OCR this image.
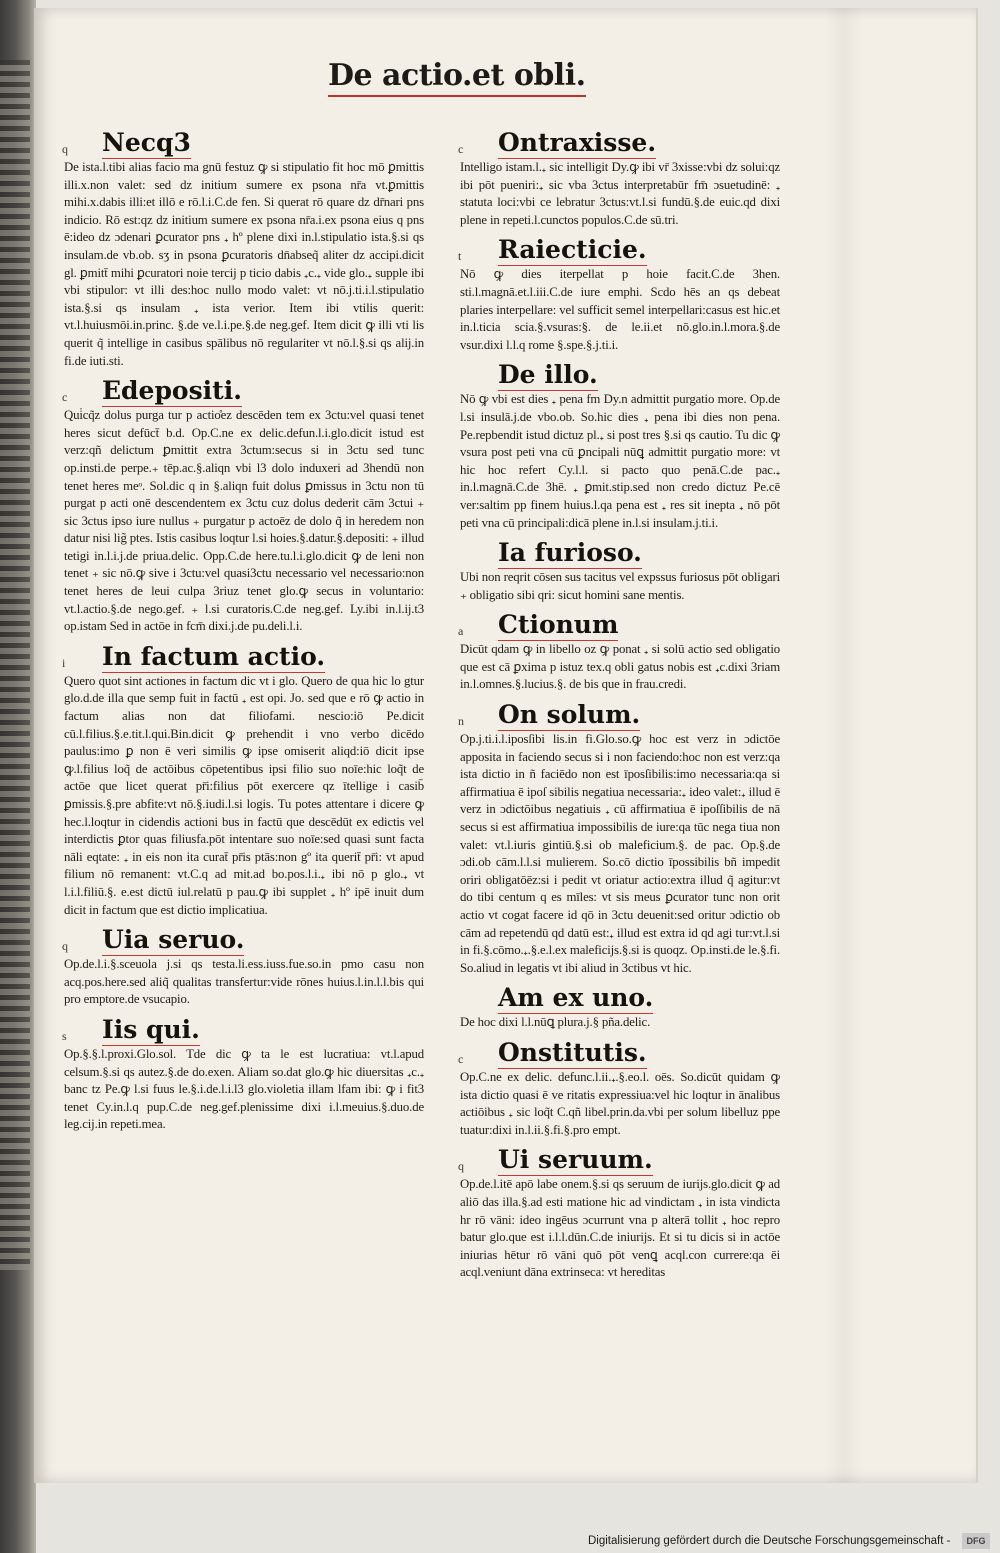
De actio.et obli.
q Necq3
De ista.l.tibi alias facio ma gnū festuz ꝙ si stipulatio fit hoc mō ꝑmittis illi.x.non valet: sed dz initium sumere ex psona nr̄a vt.ꝑmittis mihi.x.dabis illi:et illō e rō.l.i.C.de fen. Si querat rō quare dz dr̄nari pns indicio. Rō est:qz dz initium sumere ex psona nr̄a.i.ex psona eius q pns ē:ideo dz ɔdenari ꝑcurator pns ₊ hº plene dixi in.l.stipulatio ista.§.si qs insulam.de vb.ob. sʒ in psona ꝑcuratoris dn̄abseq̃ aliter dz accipi.dicit gl. ꝑmitt̄ mihi ꝑcuratori noie tercij p ticio dabis ₊c.₊ vide glo.₊ supple ibi vbi stipulor: vt illi des:hoc nullo modo valet: vt nō.j.ti.i.l.stipulatio ista.§.si qs insulam ₊ ista verior. Item ibi vtilis querit: vt.l.huiusmōi.in.princ. §.de ve.l.i.pe.§.de neg.gef. Item dicit ꝙ illi vti lis querit q̃ intellige in casibus spālibus nō regulariter vt nō.l.§.si qs alij.in fi.de iuti.sti.
c Edepositi.
Qui̇cq̃z dolus purga tur p actio̊ez descēden tem ex 3ctu:vel quasi tenet heres sicut defūct̄ b.d. Op.C.ne ex delic.defun.l.i.glo.dicit istud est verz:qñ delictum ꝑmittit extra 3ctum:secus si in 3ctu sed tunc op.insti.de perpe.₊ tēp.ac.§.aliqn vbi l3 dolo induxeri ad 3hendū non tenet heres meᵒ. Sol.dic q in §.aliqn fuit dolus ꝑmissus in 3ctu non tū purgat p acti onē descendentem ex 3ctu cuz dolus dederit cām 3ctui ₊ sic 3ctus ipso iure nullus ₊ purgatur p actoēz de dolo q̃ in heredem non datur nisi lig̃ ptes. Istis casibus loqtur l.si hoies.§.datur.§.depositi: ₊ illud tetigi in.l.i.j.de priua.delic. Opp.C.de here.tu.l.i.glo.dicit ꝙ de leni non tenet ₊ sic nō.ꝙ sive i 3ctu:vel quasi3ctu necessario vel necessario:non tenet heres de leui culpa 3riuz tenet glo.ꝙ secus in voluntario: vt.l.actio.§.de nego.gef. ₊ l.si curatoris.C.de neg.gef. Ly.ibi in.l.ij.t3 op.istam Sed in actōe in fcm̄ dixi.j.de pu.deli.l.i.
i In factum actio.
Quero quot sint actiones in factum dic vt i glo. Quero de qua hic lo gtur glo.d.de illa que semp fuit in factū ₊ est opi. Jo. sed que e rō ꝙ actio in factum alias non dat filiofami. nescio:iō Pe.dicit cū.l.filius.§.e.tit.l.qui.Bin.dicit ꝙ prehendit i vno verbo dicēdo paulus:imo ꝑ non ē veri similis ꝙ ipse omiserit aliqd:iō dicit ipse ꝙ.l.filius loq̃ de actōibus cōpetentibus ipsi filio suo noīe:hic loq̃t de actōe que licet querat pr̄i:filius pōt exercere qz ītellige i casib̄ ꝑmissis.§.pre abfite:vt nō.§.iudi.l.si logis. Tu potes attentare i dicere ꝙ hec.l.loqtur in cidendis actioni bus in factū que descēdūt ex edictis vel interdictis ꝑtor quas filiusfa.pōt intentare suo noīe:sed quasi sunt facta nāli eqtate: ₊ in eis non ita curat̄ pr̄is ptās:non gº ita querit̄ pr̄i: vt apud filium nō remanent: vt.C.q ad mit.ad bo.pos.l.i.₊ ibi nō p glo.₊ vt l.i.l.filiū.§. e.est dictū iul.relatū p pau.ꝙ ibi supplet ₊ hº ipē inuit dum dicit in factum que est dictio implicatiua.
q Uia seruo.
Op.de.l.i.§.sceuola j.si qs testa.li.ess.iuss.fue.so.in pmo casu non acq.pos.here.sed aliq̃ qualitas transfertur:vide rōnes huius.l.in.l.l.bis qui pro emptore.de vsucapio.
s Iis qui.
Op.§.§.l.proxi.Glo.sol. Tde dic ꝙ ta le est lucratiua: vt.l.apud celsum.§.si qs autez.§.de do.exen. Aliam so.dat glo.ꝙ hic diuersitas ₊c.₊ banc tz Pe.ꝙ l.si fuus le.§.i.de.l.i.l3 glo.violetia illam lfam ibi: ꝙ i fit3 tenet Cy.in.l.q pup.C.de neg.gef.plenissime dixi i.l.meuius.§.duo.de leg.cij.in repeti.mea.
c Ontraxisse.
Intelligo istam.l.₊ sic intelligit Dy.ꝙ ibi vr̄ 3xisse:vbi dz solui:qz ibi pōt pueniri:₊ sic vba 3ctus interpretabūr fm̄ ɔsuetudinē: ₊ statuta loci:vbi ce lebratur 3ctus:vt.l.si fundū.§.de euic.qd dixi plene in repeti.l.cunctos populos.C.de sū.tri.
t Raiecticie.
Nō ꝙ dies iterpellat p hoie facit.C.de 3hen. sti.l.magnā.et.l.iii.C.de iure emphi. Scdo hēs an qs debeat plaries interpellare: vel sufficit semel interpellari:casus est hic.et in.l.ticia scia.§.vsuras:§. de le.ii.et nō.glo.in.l.mora.§.de vsur.dixi l.l.q rome §.spe.§.j.ti.i.
De illo.
Nō ꝙ vbi est dies ₊ pena fm Dy.n admittit purgatio more. Op.de l.si insulā.j.de vbo.ob. So.hic dies ₊ pena ibi dies non pena. Pe.repbendit istud dictuz pl.₊ si post tres §.si qs cautio. Tu dic ꝙ vsura post peti vna cū ꝑncipali nūꝗ admittit purgatio more: vt hic hoc refert Cy.l.l. si pacto quo penā.C.de pac.₊ in.l.magnā.C.de 3hē. ₊ ꝑmit.stip.sed non credo dictuz Pe.cē ver:saltim pp finem huius.l.qa pena est ₊ res sit inepta ₊ nō pōt peti vna cū principali:dicā plene in.l.si insulam.j.ti.i.
Ia furioso.
Ubi non reqrit cōsen sus tacitus vel expssus furiosus pōt obligari ₊ obligatio sibi qri: sicut homini sane mentis.
a Ctionum
Dicūt qdam ꝙ in libello oz ꝙ ponat ₊ si solū actio sed obligatio que est cā ꝑxima p istuz tex.q obli gatus nobis est ₊c.dixi 3riam in.l.omnes.§.lucius.§. de bis que in frau.credi.
n On solum.
Op.j.ti.i.l.iposſibi lis.in fi.Glo.so.ꝙ hoc est verz in ɔdictōe apposita in faciendo secus si i non faciendo:hoc non est verz:qa ista dictio in ñ faciēdo non est īposſibilis:imo necessaria:qa si affirmatiua ē ipoſ sibilis negatiua necessaria:₊ ideo valet:₊ illud ē verz in ɔdictōibus negatiuis ₊ cū affirmatiua ē ipoſſibilis de nā secus si est affirmatiua impossibilis de iure:qa tūc nega tiua non valet: vt.l.iuris gintiū.§.si ob maleficium.§. de pac. Op.§.de ɔdi.ob cām.l.l.si mulierem. So.cō dictio īpossibilis bñ impedit oriri obligatōēz:si i pedit vt oriatur actio:extra illud q̃ agitur:vt do tibi centum q es mīles: vt sis meus ꝑcurator tunc non orit actio vt cogat facere id qō in 3ctu deuenit:sed oritur ɔdictio ob cām ad repetendū qd datū est:₊ illud est extra id qd agi tur:vt.l.si in fi.§.cōmo.₊.§.e.l.ex maleficijs.§.si is quoqz. Op.insti.de le.§.fi. So.aliud in legatis vt ibi aliud in 3ctibus vt hic.
Am ex uno.
De hoc dixi l.l.nūꝗ plura.j.§ pña.delic.
c Onstitutis.
Op.C.ne ex delic. defunc.l.ii.₊.§.eo.l. oēs. So.dicūt quidam ꝙ ista dictio quasi ē ve ritatis expressiua:vel hic loqtur in ānalibus actiōibus ₊ sic loq̃t C.qñ libel.prin.da.vbi per solum libelluz ppe tuatur:dixi in.l.ii.§.fi.§.pro empt.
q Ui seruum.
Op.de.l.itē apō labe onem.§.si qs seruum de iurijs.glo.dicit ꝙ ad aliō das illa.§.ad esti matione hic ad vindictam ₊ in ista vindicta hr rō vāni: ideo ingēus ɔcurrunt vna p alterā tollit ₊ hoc repro batur glo.que est i.l.l.dūn.C.de iniurijs. Et si tu dicis si in actōe iniurias hētur rō vāni quō pōt venꝗ acql.con currere:qa ēi acql.veniunt dāna extrinseca: vt hereditas
Digitalisierung gefördert durch die Deutsche Forschungsgemeinschaft -	DFG
